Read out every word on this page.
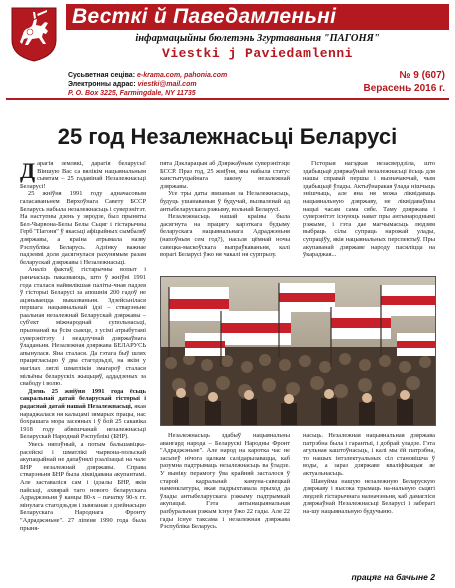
Весткі й Паведамленьні
інфармацыйны бюлетэнь Згуртаваньня "ПАГОНЯ"
Viestki j Paviedamlenni
Сусьветная сеціва: e-krama.com, pahonia.com
Электронны адрас: viestki@mail.com
P. O. Box 3225, Farmingdale, NY 11735
№ 9 (607)
Верасень 2016 г.
25 год Незалежнасьці Беларусі

Дарагія землякі, дарагія беларусы! Віншую Вас са вялікім нацыянальным сьвятам – 25 гадавінай Незалежнасьці Беларусі!

25 жніўня 1991 году адначасовым галасаваньнем Вярхоўнага Савету БССР Беларусь набыла незалежнасьць і суверэнітэт. На наступны дзень у зяродзе, был прыняты Бел-Чырвона-Белы Белы Сьцяг і гістарычны Герб "Пагоня" ў якасьці афіцыйных сымбаляў дзяржавы, а краіна атрымала назву Рэспубліка Беларусь. Адзінку важнае падзеямі доля дасягнулася рахунямым разам беларускай дзяржавы і Незалежнасьці.

Аналіз фактаў, гістарычны вопыт і раньчасьць паказваюць, што ў жніўні 1991 года сталася найвялікшая паліты-чная падзея ў гісторыі Беларусі за апошнія 200 гадоў не ацэньваецца выказваньня. Здзейсьнілася першага нацыянальнай ідэі – стварэньне раальная незалежнай Беларускай дзяржавы – суб'ект міжнароднай супольнасьці, прызнанай ва ўсім сьвеце, з усімі атрыбутамі суверэнітэту і неадлучнай дзяржаўнага ўладаньня. Незалежная дзяржава БЕЛАРУСЬ апынулася. Яна сталася. Да гэтага быў шлях працягласьцю ў два стагодзьдзі, на якім у магілах ляглі шматлікія змагароў сталася мільёны беларускіх жыцьцяў, аддадзеных за свабоду і волю.

Дзень 25 жніўня 1991 года ёсьць сакральнай датай беларускай гісторыі і радаснай датай нашай Незалежнасьці, якая нараджалася ня кальцамі зямарых працы, нас бохрашага мора засеяных і ў бой 25 сакавіка 1918 году абвешчанай незалежнасьці Беларускай Народнай Рэспублікі (БНР).

Увесь няпэўный, а потым бальшавіцка-расейскі і шматлікі чырвона-польскай акупацыйнай не дапаўнялі рэалізацыі на чале БНР незалежнай дзяржавы. Справа стварэньня БНР была ліквідавана акупантамі. Але заставаліся сам і ідэалы БНР, якія пайсьці, ахвярай таго нового беларускага Адраджэньня ў канцы 80-х – пачатку 90-х гг. мінулага стагодзьдзя і зьвязаная з дзейнасьцю Беларускага Народнага Фронту "Адраджэньне". 27 ліпеня 1990 года была прыня-

пята Дэкларацыя аб Дзяржаўным суверэнітэце БССР. Праз год, 25 жніўня, яна набыла статус канстытуцыйнага закону незалежнай дзяржавы.

Усе тры даты звязаныя за Незалежнасьць, будуць ушанаваныя ў будучай, вызваленай ад антыбеларускага рэжыму, вольнай Беларусі.

Незалежнасьць нашай краіны была дасягнута на працягу карэткага будыму беларускага нацыянальнага Адраджэньня (напоўным сем год?), насьля цёмнай ночы савецка-маскоўскага выпраўкаваньня, калі ворагі Беларусі ўжо ня чакалі ня сурпрызу.

Гісторыя нагэдкая незасвердзіла, што здабыцьцё дзяржаўнай незалежнасьці ёсьць для нашы справай першы і вызначаючай, чым здабыцьцё ўлады. Актыўнаракая ўлада нішчыць знішчыць, але яна ня можа ліквідаваць нацыянальную дзяржаву, не ліквідаваўшы нацыі часам сама сябе. Таму дзяржава і суверэнітэт існуюць нават пры антынароднымі рэжыме, і гэта дае магчымасьць людзям выбраць сілы супраць нарожай улады, супраціўу, якія нацыянальных перспектыў. Пры акупаванай дзяржаве народу пасяліцца на ўкараджая...

Незалежнасьць здабыў нацыянальны авангард народа – Беларускі Народны Фронт "Адраджэньне". Але народ на каротка час не засьпеў нічога цалкам салідарызавацца, каб разумна падтрымаць незалежнасьць ва ўладзе. У выніку перамогу ўва крайняй засталося ў старой кадральнай камуна-савецкай наменклатуры, якая падрыхтавала прыход да ўлады антыбеларускага рэжыму падтрымкай акупацыі. Гэта антынацыянальная разбуральная рэжым існуе ўжо 22 гады. Але 22 гады існуе таксама і незалежная дзяржава Рэспубліка Беларусь.

насьць. Незалежная нацыянальная дзяржава патрэбна была і гарантыі, і добрай уладзе. Гэта агульная каштоўнасьць, і калі мы ёй патрэбна, то нашых інтэлектуальных сіл становішча ў воды, а зараз дзяржаве кваліфікацыя яе актуальнасьць.

Шануйма нашую незалежную Беларускую дзяржаву і высока трымаць на-нальную сьцягі людзей гістарычнага назначэньня, каб дамагліся дзяржаўнай Незалежнасьці Беларусі і заберагі на-шу нацыянальную будучыню.

працяг на бачыне 2
